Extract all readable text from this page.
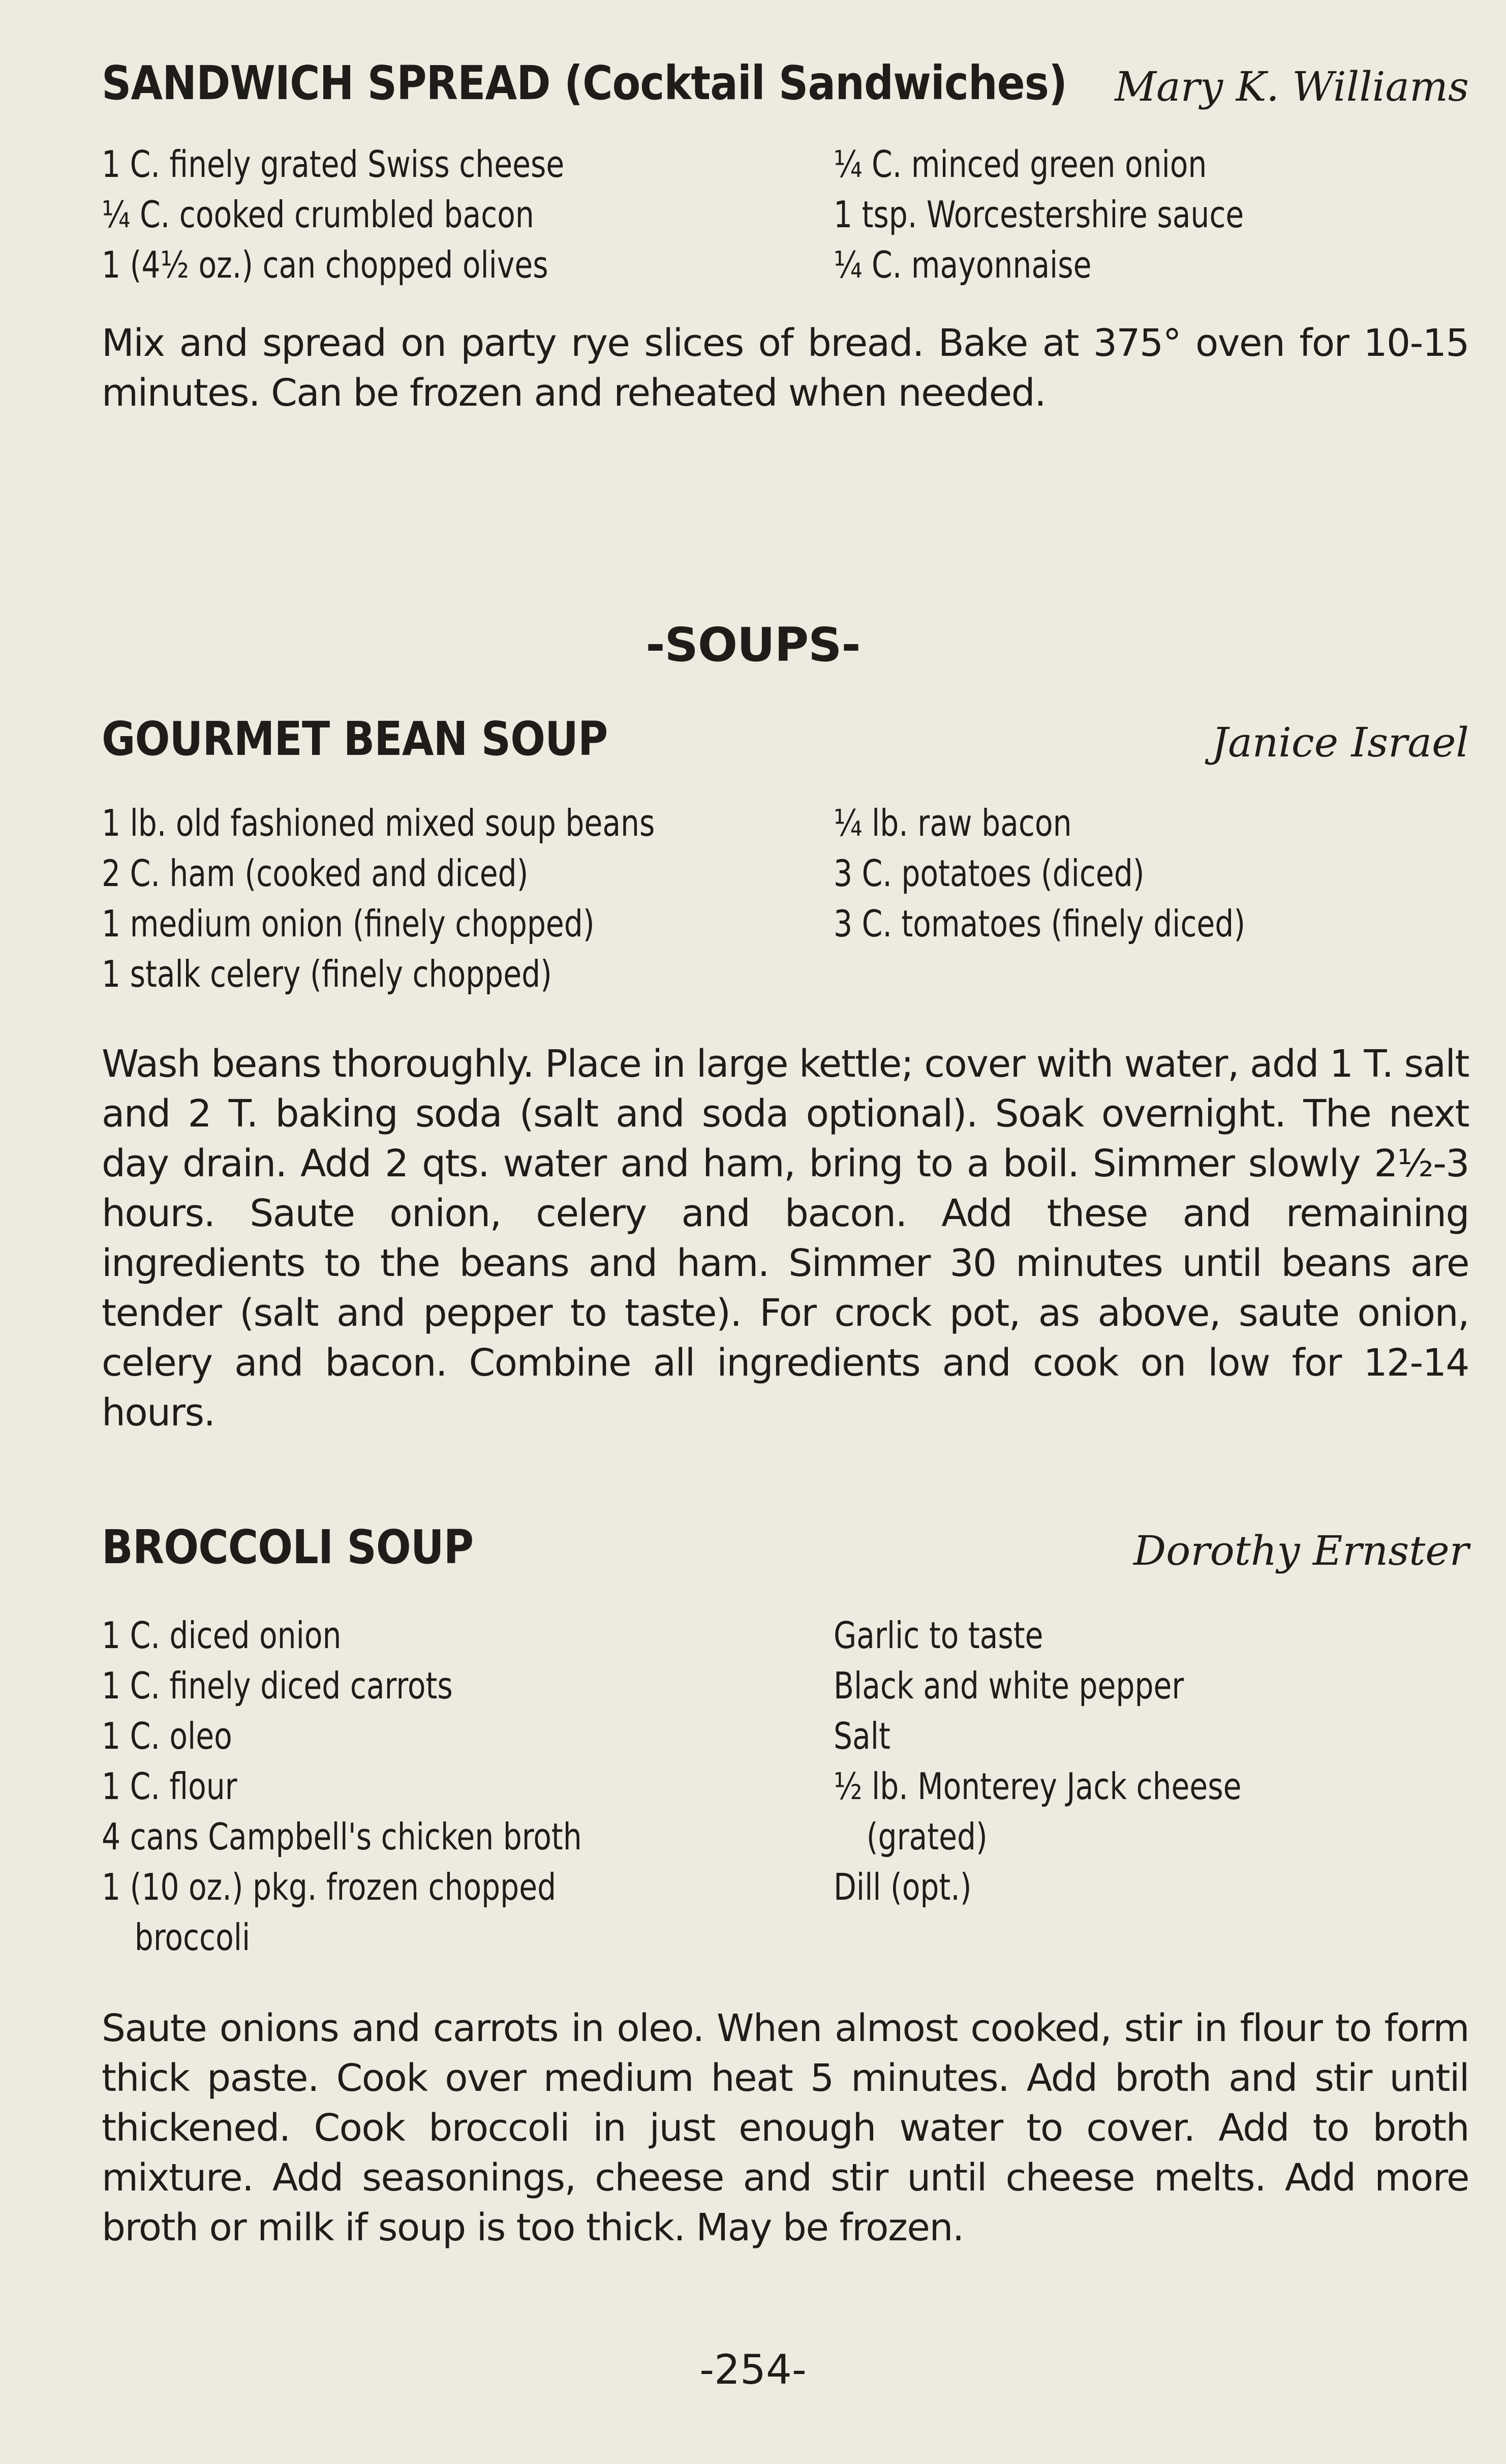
SANDWICH SPREAD (Cocktail Sandwiches) Mary K. Williams
1 C. finely grated Swiss cheese
¼ C. cooked crumbled bacon
1 (4½ oz.) can chopped olives
¼ C. minced green onion
1 tsp. Worcestershire sauce
¼ C. mayonnaise
Mix and spread on party rye slices of bread. Bake at 375° oven for 10-15 minutes. Can be frozen and reheated when needed.
-SOUPS-
GOURMET BEAN SOUP	Janice Israel
1 lb. old fashioned mixed soup beans
2 C. ham (cooked and diced)
1 medium onion (finely chopped)
1 stalk celery (finely chopped)
¼ lb. raw bacon
3 C. potatoes (diced)
3 C. tomatoes (finely diced)
Wash beans thoroughly. Place in large kettle; cover with water, add 1 T. salt and 2 T. baking soda (salt and soda optional). Soak overnight. The next day drain. Add 2 qts. water and ham, bring to a boil. Simmer slowly 2½-3 hours. Saute onion, celery and bacon. Add these and remaining ingredients to the beans and ham. Simmer 30 minutes until beans are tender (salt and pepper to taste). For crock pot, as above, saute onion, celery and bacon. Combine all ingredients and cook on low for 12-14 hours.
BROCCOLI SOUP	Dorothy Ernster
1 C. diced onion
1 C. finely diced carrots
1 C. oleo
1 C. flour
4 cans Campbell's chicken broth
1 (10 oz.) pkg. frozen chopped
broccoli
Garlic to taste
Black and white pepper
Salt
½ lb. Monterey Jack cheese
(grated)
Dill (opt.)
Saute onions and carrots in oleo. When almost cooked, stir in flour to form thick paste. Cook over medium heat 5 minutes. Add broth and stir until thickened. Cook broccoli in just enough water to cover. Add to broth mixture. Add seasonings, cheese and stir until cheese melts. Add more broth or milk if soup is too thick. May be frozen.
-254-
